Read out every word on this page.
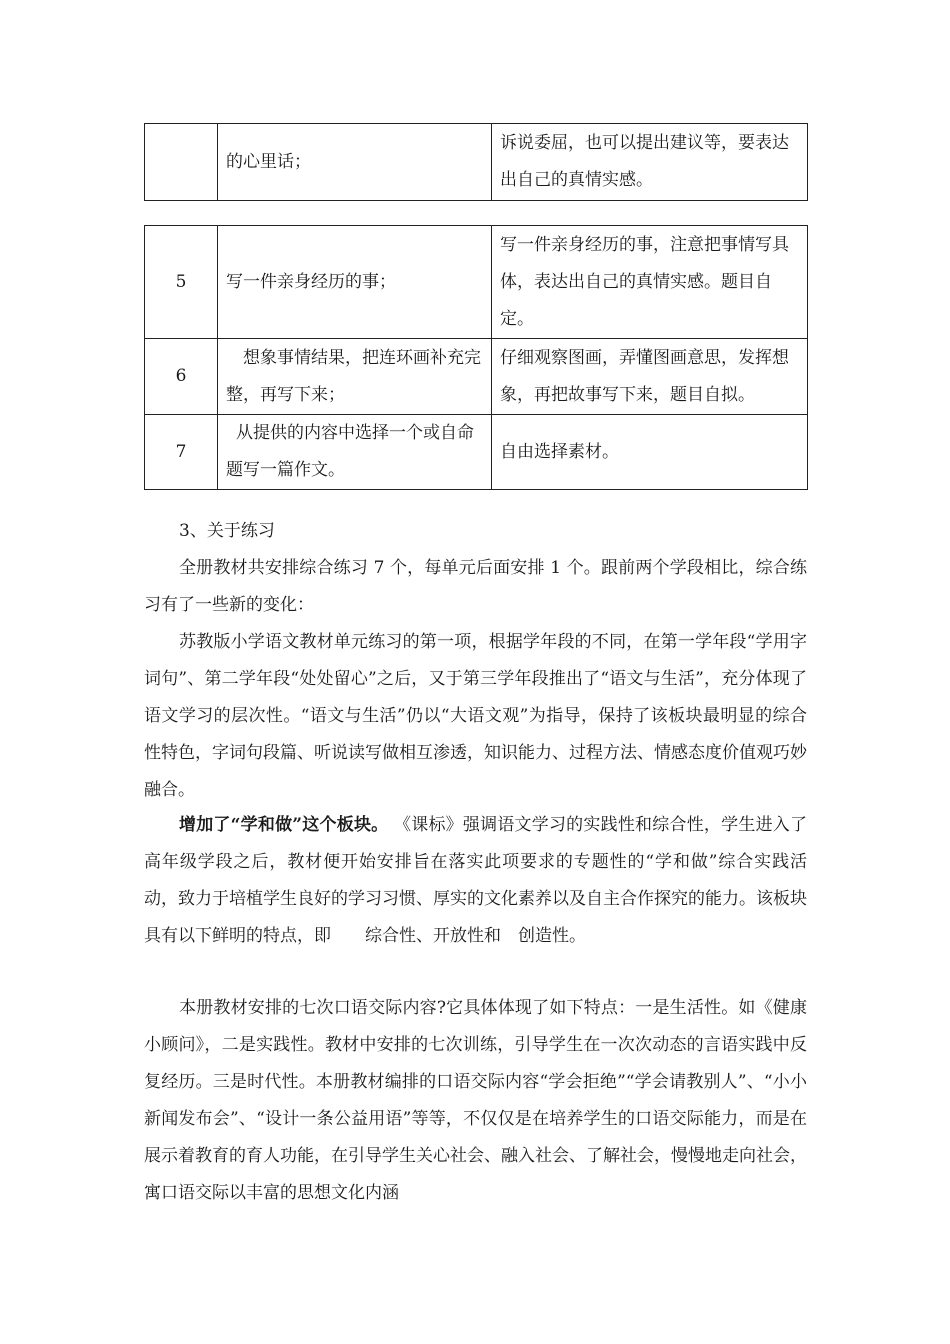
	的心里话；	诉说委屈，也可以提出建议等，要表达出自己的真情实感。
5	写一件亲身经历的事；	写一件亲身经历的事，注意把事情写具体，表达出自己的真情实感。题目自定。
6	想象事情结果，把连环画补充完整，再写下来；	仔细观察图画，弄懂图画意思，发挥想象，再把故事写下来，题目自拟。
7	从提供的内容中选择一个或自命题写一篇作文。	自由选择素材。
3、关于练习

全册教材共安排综合练习 7 个，每单元后面安排 1 个。跟前两个学段相比，综合练习有了一些新的变化：

苏教版小学语文教材单元练习的第一项，根据学年段的不同，在第一学年段“学用字词句”、第二学年段“处处留心”之后，又于第三学年段推出了“语文与生活”，充分体现了语文学习的层次性。“语文与生活”仍以“大语文观”为指导，保持了该板块最明显的综合性特色，字词句段篇、听说读写做相互渗透，知识能力、过程方法、情感态度价值观巧妙融合。

增加了“学和做”这个板块。 《课标》强调语文学习的实践性和综合性，学生进入了高年级学段之后，教材便开始安排旨在落实此项要求的专题性的“学和做”综合实践活动，致力于培植学生良好的学习习惯、厚实的文化素养以及自主合作探究的能力。该板块具有以下鲜明的特点，即　　综合性、开放性和　创造性。

本册教材安排的七次口语交际内容?它具体体现了如下特点：一是生活性。如《健康小顾问》，二是实践性。教材中安排的七次训练，引导学生在一次次动态的言语实践中反复经历。三是时代性。本册教材编排的口语交际内容“学会拒绝”“学会请教别人”、“小小新闻发布会”、“设计一条公益用语”等等，不仅仅是在培养学生的口语交际能力，而是在展示着教育的育人功能，在引导学生关心社会、融入社会、了解社会，慢慢地走向社会，寓口语交际以丰富的思想文化内涵
